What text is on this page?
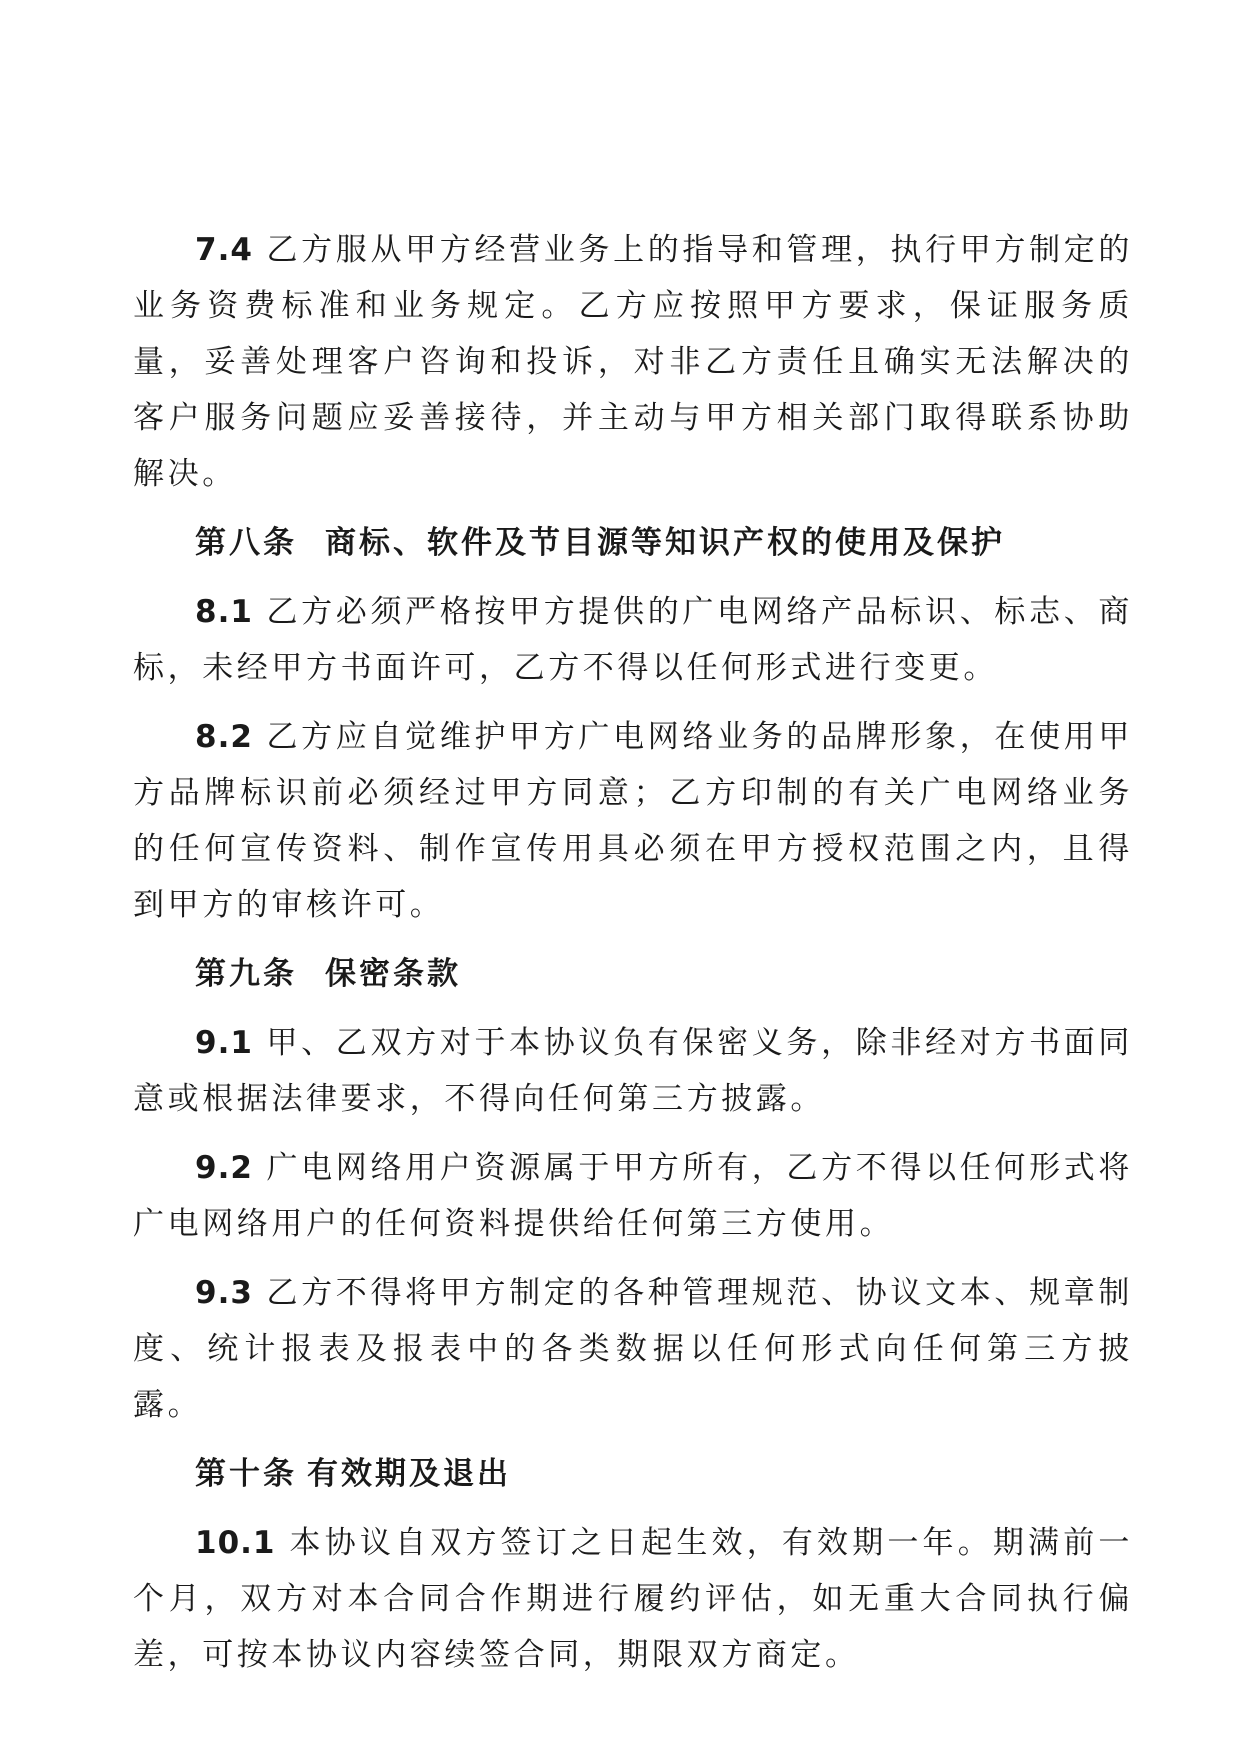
7.4 乙方服从甲方经营业务上的指导和管理，执行甲方制定的业务资费标准和业务规定。乙方应按照甲方要求，保证服务质量，妥善处理客户咨询和投诉，对非乙方责任且确实无法解决的客户服务问题应妥善接待，并主动与甲方相关部门取得联系协助解决。

第八条 商标、软件及节目源等知识产权的使用及保护

8.1 乙方必须严格按甲方提供的广电网络产品标识、标志、商标，未经甲方书面许可，乙方不得以任何形式进行变更。

8.2 乙方应自觉维护甲方广电网络业务的品牌形象，在使用甲方品牌标识前必须经过甲方同意；乙方印制的有关广电网络业务的任何宣传资料、制作宣传用具必须在甲方授权范围之内，且得到甲方的审核许可。

第九条 保密条款

9.1 甲、乙双方对于本协议负有保密义务，除非经对方书面同意或根据法律要求，不得向任何第三方披露。

9.2 广电网络用户资源属于甲方所有，乙方不得以任何形式将广电网络用户的任何资料提供给任何第三方使用。

9.3 乙方不得将甲方制定的各种管理规范、协议文本、规章制度、统计报表及报表中的各类数据以任何形式向任何第三方披露。

第十条 有效期及退出

10.1 本协议自双方签订之日起生效，有效期一年。期满前一个月，双方对本合同合作期进行履约评估，如无重大合同执行偏差，可按本协议内容续签合同，期限双方商定。
